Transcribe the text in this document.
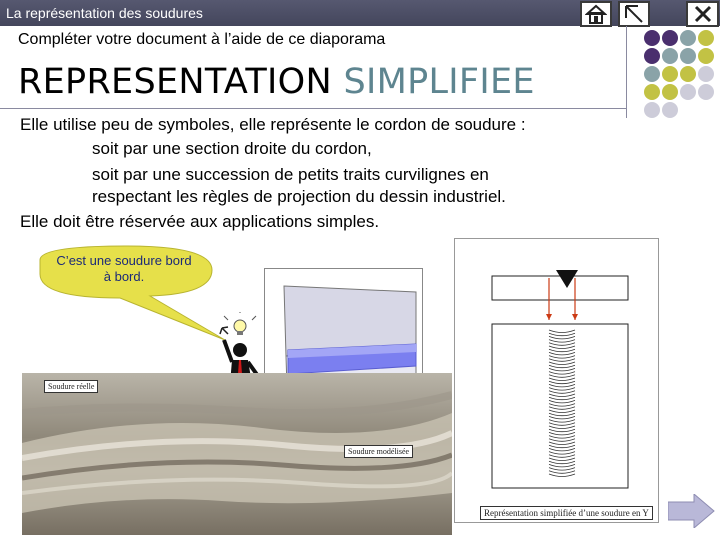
La représentation des soudures
Compléter votre document à l’aide de ce diaporama
REPRESENTATION SIMPLIFIEE
Elle utilise peu de symboles, elle représente le cordon de soudure :
soit par une section droite du cordon,
soit par une succession de petits traits curvilignes en
respectant les règles de projection du dessin industriel.
Elle doit être réservée aux applications simples.
C’est une soudure bord
à bord.
Soudure réelle
Soudure modélisée
Représentation simplifiée d’une soudure en Y
